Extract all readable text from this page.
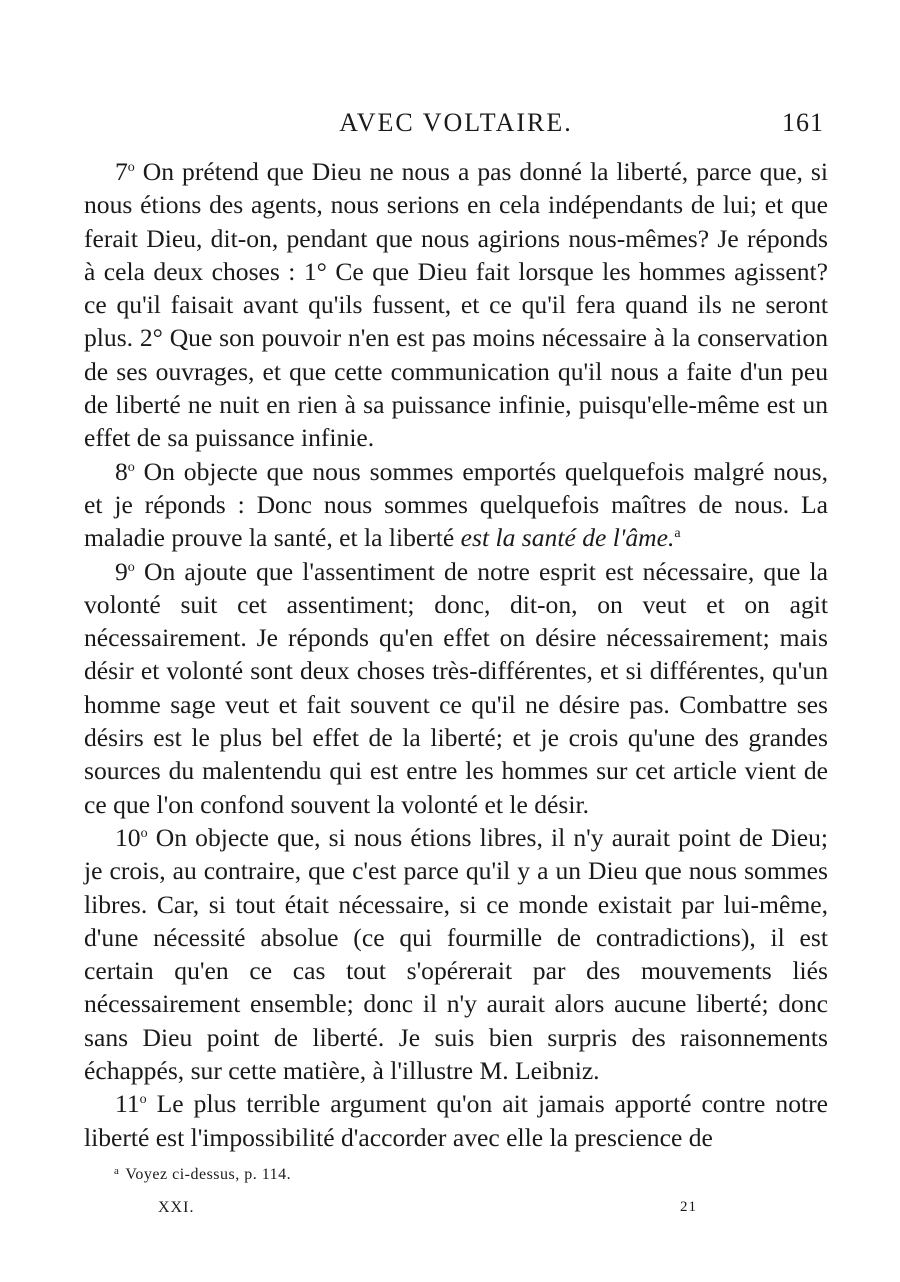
AVEC VOLTAIRE.	161

7$^o$ On prétend que Dieu ne nous a pas donné la liberté, parce que, si nous étions des agents, nous serions en cela indépendants de lui; et que ferait Dieu, dit-on, pendant que nous agirions nous-mêmes? Je réponds à cela deux choses : 1° Ce que Dieu fait lorsque les hommes agissent? ce qu'il faisait avant qu'ils fussent, et ce qu'il fera quand ils ne seront plus. 2° Que son pouvoir n'en est pas moins nécessaire à la conservation de ses ouvrages, et que cette communication qu'il nous a faite d'un peu de liberté ne nuit en rien à sa puissance infinie, puisqu'elle-même est un effet de sa puissance infinie.

8$^o$ On objecte que nous sommes emportés quelquefois malgré nous, et je réponds : Donc nous sommes quelquefois maîtres de nous. La maladie prouve la santé, et la liberté est la santé de l'âme.$^a$

9$^o$ On ajoute que l'assentiment de notre esprit est nécessaire, que la volonté suit cet assentiment; donc, dit-on, on veut et on agit nécessairement. Je réponds qu'en effet on désire nécessairement; mais désir et volonté sont deux choses très-différentes, et si différentes, qu'un homme sage veut et fait souvent ce qu'il ne désire pas. Combattre ses désirs est le plus bel effet de la liberté; et je crois qu'une des grandes sources du malentendu qui est entre les hommes sur cet article vient de ce que l'on confond souvent la volonté et le désir.

10$^o$ On objecte que, si nous étions libres, il n'y aurait point de Dieu; je crois, au contraire, que c'est parce qu'il y a un Dieu que nous sommes libres. Car, si tout était nécessaire, si ce monde existait par lui-même, d'une nécessité absolue (ce qui fourmille de contradictions), il est certain qu'en ce cas tout s'opérerait par des mouvements liés nécessairement ensemble; donc il n'y aurait alors aucune liberté; donc sans Dieu point de liberté. Je suis bien surpris des raisonnements échappés, sur cette matière, à l'illustre M. Leibniz.

11$^o$ Le plus terrible argument qu'on ait jamais apporté contre notre liberté est l'impossibilité d'accorder avec elle la prescience de

$^a$ Voyez ci-dessus, p. 114.
XXI.	21
